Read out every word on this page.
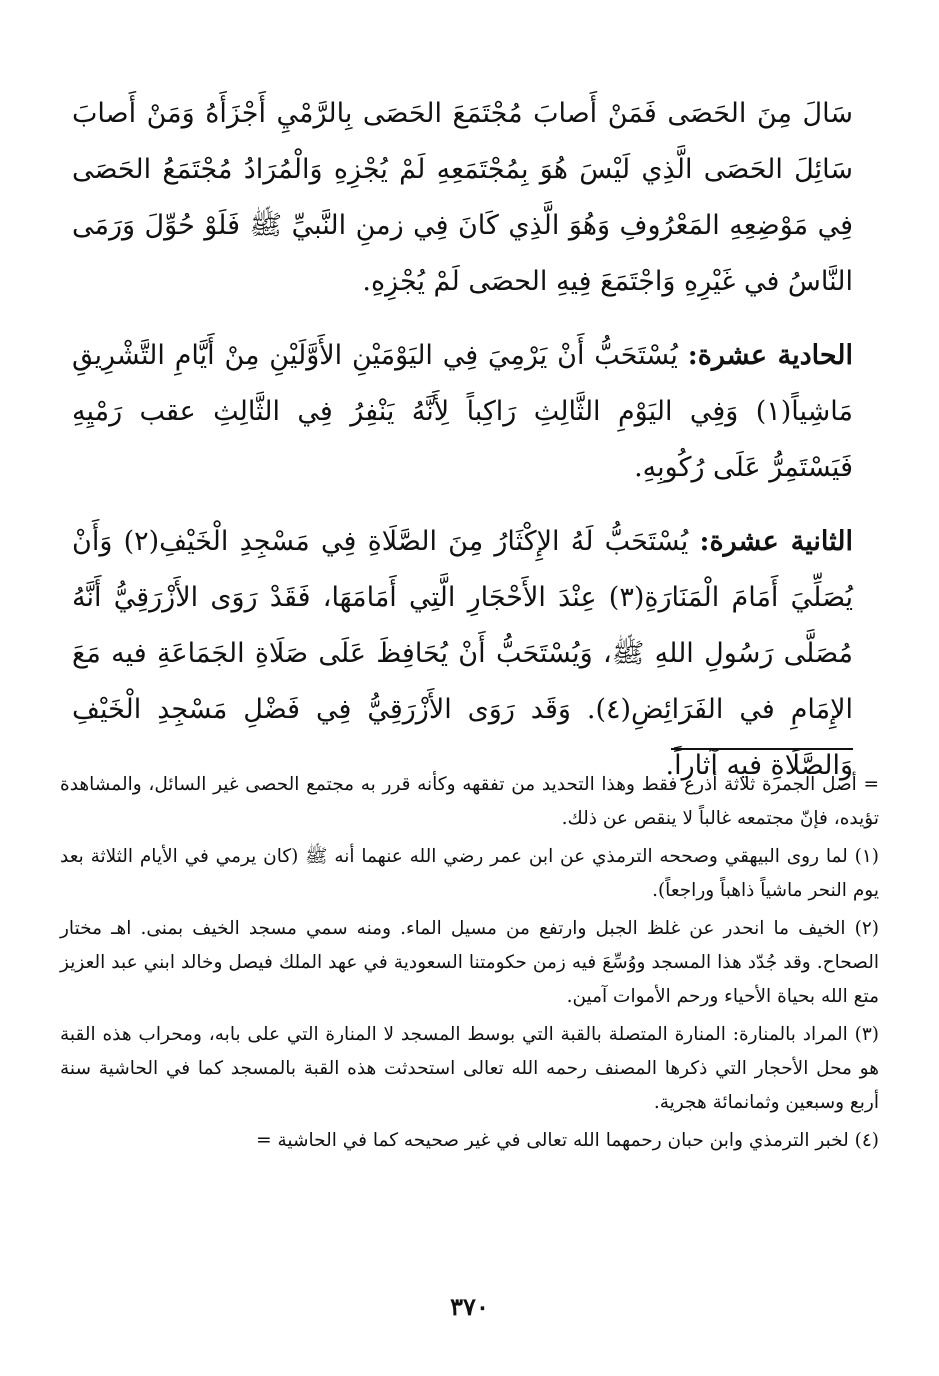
سَالَ مِنَ الحَصَى فَمَنْ أَصابَ مُجْتَمَعَ الحَصَى بِالرَّمْيِ أَجْزَأَهُ وَمَنْ أَصابَ سَائِلَ الحَصَى الَّذِي لَيْسَ هُوَ بِمُجْتَمَعِهِ لَمْ يُجْزِهِ وَالْمُرَادُ مُجْتَمَعُ الحَصَى فِي مَوْضِعِهِ المَعْرُوفِ وَهُوَ الَّذِي كَانَ فِي زمنِ النَّبيِّ ﷺ فَلَوْ حُوِّلَ وَرَمَى النَّاسُ في غَيْرِهِ وَاجْتَمَعَ فِيهِ الحصَى لَمْ يُجْزِهِ.

الحادية عشرة: يُسْتَحَبُّ أَنْ يَرْمِيَ فِي اليَوْمَيْنِ الأَوَّلَيْنِ مِنْ أَيَّامِ التَّشْرِيقِ مَاشِياً(١) وَفِي اليَوْمِ الثَّالِثِ رَاكِباً لِأَنَّهُ يَنْفِرُ فِي الثَّالِثِ عقب رَمْيِهِ فَيَسْتَمِرُّ عَلَى رُكُوبِهِ.

الثانية عشرة: يُسْتَحَبُّ لَهُ الإِكْثَارُ مِنَ الصَّلَاةِ فِي مَسْجِدِ الْخَيْفِ(٢) وَأَنْ يُصَلِّيَ أَمَامَ الْمَنَارَةِ(٣) عِنْدَ الأَحْجَارِ الَّتِي أَمَامَهَا، فَقَدْ رَوَى الأَزْرَقِيُّ أَنَّهُ مُصَلَّى رَسُولِ اللهِ ﷺ، وَيُسْتَحَبُّ أَنْ يُحَافِظَ عَلَى صَلَاةِ الجَمَاعَةِ فيه مَعَ الإِمَامِ في الفَرَائِضِ(٤). وَقَد رَوَى الأَزْرَقِيُّ فِي فَضْلِ مَسْجِدِ الْخَيْفِ وَالصَّلَاةِ فيه آثاراً.

= أصل الجمرة ثلاثة أذرع فقط وهذا التحديد من تفقهه وكأنه قرر به مجتمع الحصى غير السائل، والمشاهدة تؤيده، فإنّ مجتمعه غالباً لا ينقص عن ذلك.

(١) لما روى البيهقي وصححه الترمذي عن ابن عمر رضي الله عنهما أنه ﷺ (كان يرمي في الأيام الثلاثة بعد يوم النحر ماشياً ذاهباً وراجعاً).

(٢) الخيف ما انحدر عن غلظ الجبل وارتفع من مسيل الماء. ومنه سمي مسجد الخيف بمنى. اهـ مختار الصحاح. وقد جُدّد هذا المسجد ووُسِّعَ فيه زمن حكومتنا السعودية في عهد الملك فيصل وخالد ابني عبد العزيز متع الله بحياة الأحياء ورحم الأموات آمين.

(٣) المراد بالمنارة: المنارة المتصلة بالقبة التي بوسط المسجد لا المنارة التي على بابه، ومحراب هذه القبة هو محل الأحجار التي ذكرها المصنف رحمه الله تعالى استحدثت هذه القبة بالمسجد كما في الحاشية سنة أربع وسبعين وثمانمائة هجرية.

(٤) لخبر الترمذي وابن حبان رحمهما الله تعالى في غير صحيحه كما في الحاشية =

٣٧٠
